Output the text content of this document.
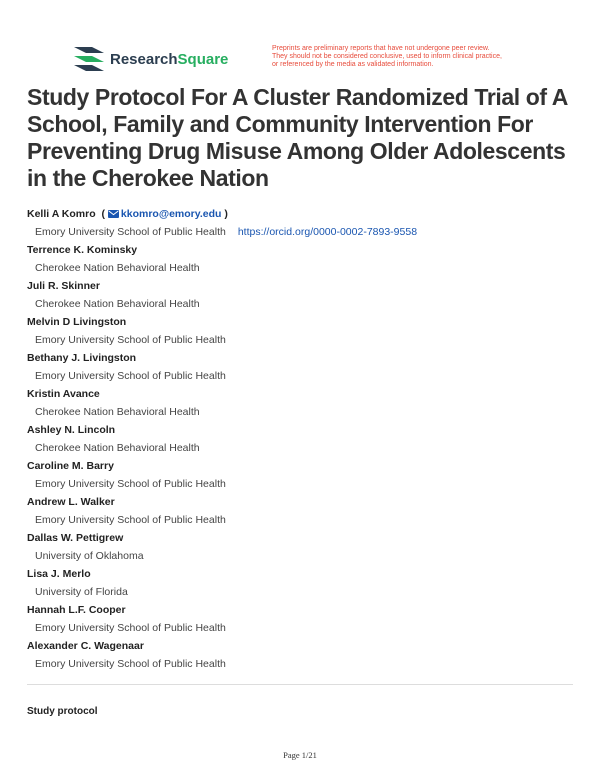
ResearchSquare
Preprints are preliminary reports that have not undergone peer review.
They should not be considered conclusive, used to inform clinical practice,
or referenced by the media as validated information.
Study Protocol For A Cluster Randomized Trial of A School, Family and Community Intervention For Preventing Drug Misuse Among Older Adolescents in the Cherokee Nation
Kelli A Komro ( kkomro@emory.edu )
Emory University School of Public Health https://orcid.org/0000-0002-7893-9558
Terrence K. Kominsky
Cherokee Nation Behavioral Health
Juli R. Skinner
Cherokee Nation Behavioral Health
Melvin D Livingston
Emory University School of Public Health
Bethany J. Livingston
Emory University School of Public Health
Kristin Avance
Cherokee Nation Behavioral Health
Ashley N. Lincoln
Cherokee Nation Behavioral Health
Caroline M. Barry
Emory University School of Public Health
Andrew L. Walker
Emory University School of Public Health
Dallas W. Pettigrew
University of Oklahoma
Lisa J. Merlo
University of Florida
Hannah L.F. Cooper
Emory University School of Public Health
Alexander C. Wagenaar
Emory University School of Public Health
Study protocol
Page 1/21
